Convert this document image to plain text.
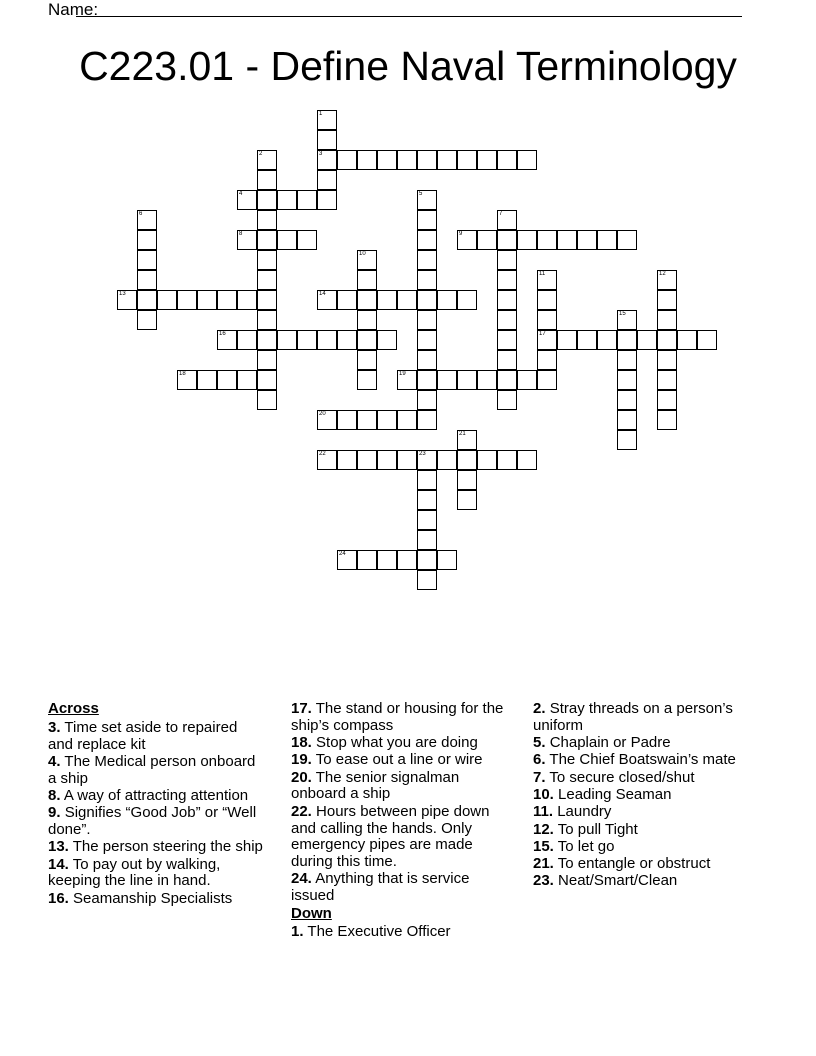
Name:
C223.01 - Define Naval Terminology
1
3
2
4	5
6	7
8	9
10
11
17
12
13	14
15
16
18	19
20
21
22	23
24
Across
3. Time set aside to repaired and replace kit
4. The Medical person onboard a ship
8. A way of attracting attention
9. Signifies “Good Job” or “Well done”.
13. The person steering the ship
14. To pay out by walking, keeping the line in hand.
16. Seamanship Specialists
17. The stand or housing for the ship’s compass
18. Stop what you are doing
19. To ease out a line or wire
20. The senior signalman onboard a ship
22. Hours between pipe down and calling the hands. Only emergency pipes are made during this time.
24. Anything that is service issued
Down
1. The Executive Officer
2. Stray threads on a person’s uniform
5. Chaplain or Padre
6. The Chief Boatswain’s mate
7. To secure closed/shut
10. Leading Seaman
11. Laundry
12. To pull Tight
15. To let go
21. To entangle or obstruct
23. Neat/Smart/Clean
